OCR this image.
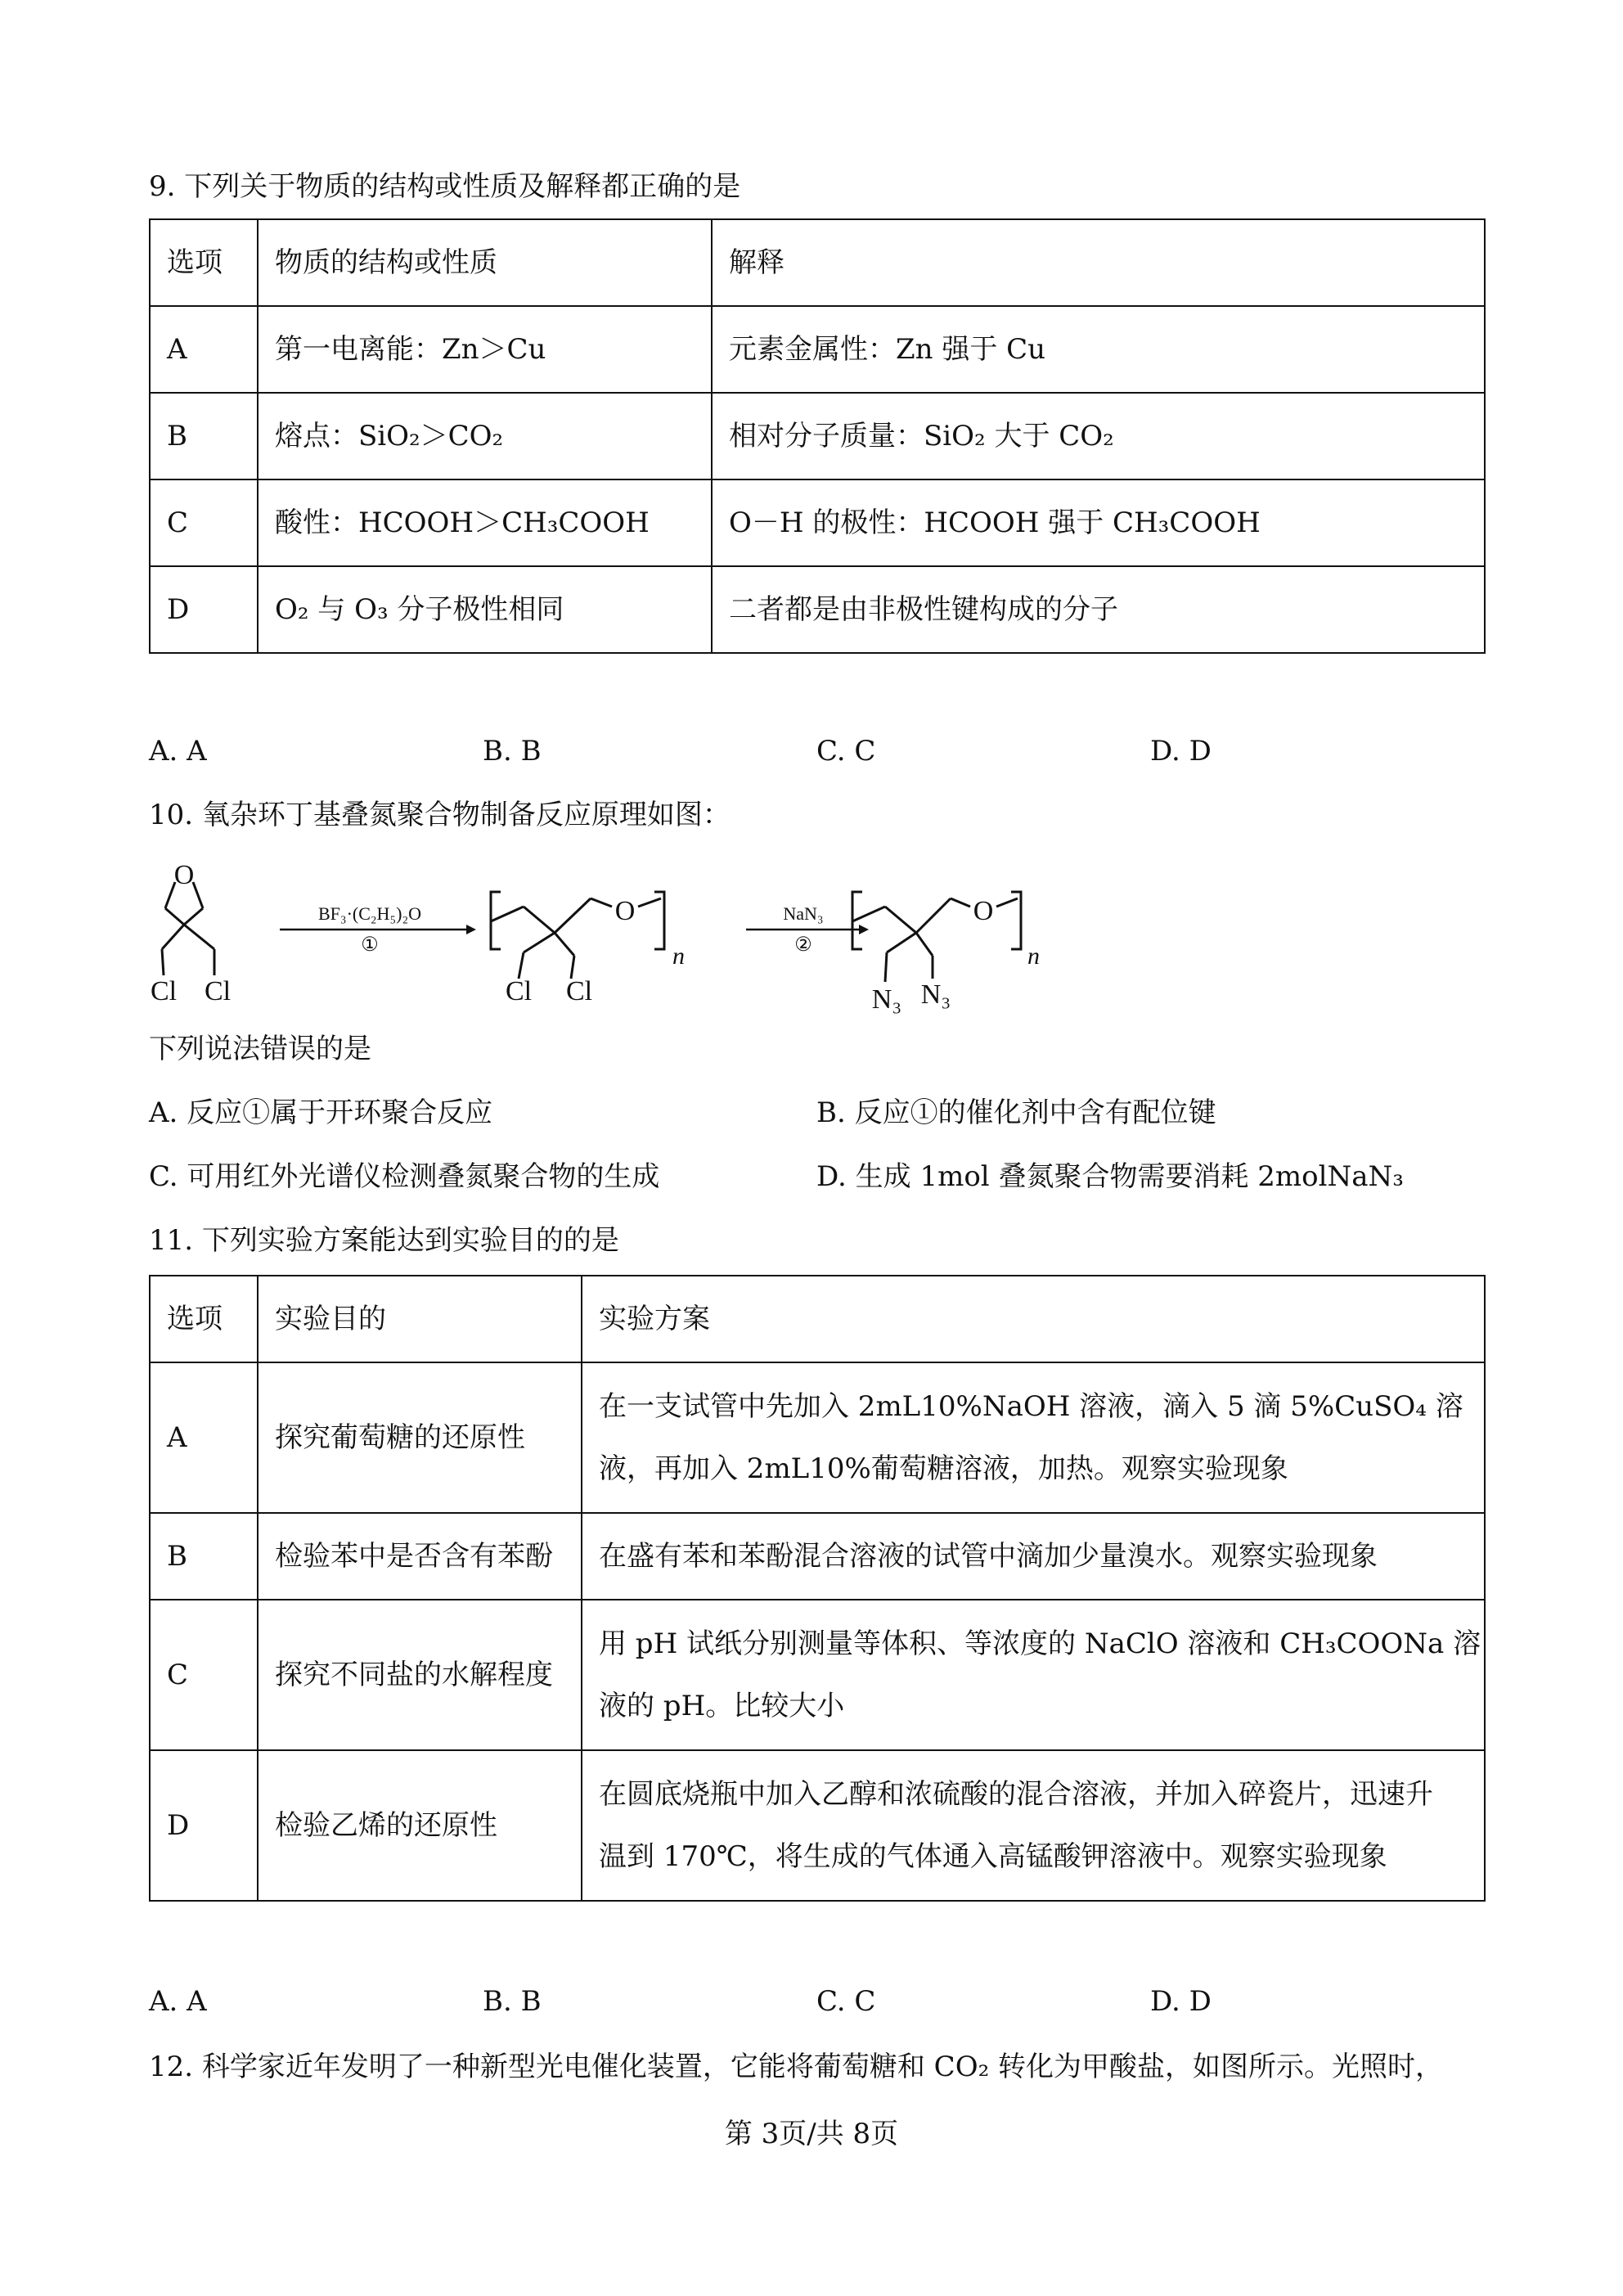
9. 下列关于物质的结构或性质及解释都正确的是
选项	物质的结构或性质	解释
A	第一电离能：Zn＞Cu	元素金属性：Zn 强于 Cu
B	熔点：SiO₂＞CO₂	相对分子质量：SiO₂ 大于 CO₂
C	酸性：HCOOH＞CH₃COOH	O－H 的极性：HCOOH 强于 CH₃COOH
D	O₂ 与 O₃ 分子极性相同	二者都是由非极性键构成的分子
A. A	B. B	C. C	D. D
10. 氧杂环丁基叠氮聚合物制备反应原理如图：
O
Cl Cl
BF₃·(C₂H₅)₂O
①
O
n
Cl Cl
NaN₃
②
O
n
N₃ N₃
下列说法错误的是
A. 反应①属于开环聚合反应	B. 反应①的催化剂中含有配位键
C. 可用红外光谱仪检测叠氮聚合物的生成	D. 生成 1mol 叠氮聚合物需要消耗 2molNaN₃
11. 下列实验方案能达到实验目的的是
选项	实验目的	实验方案
A	探究葡萄糖的还原性	在一支试管中先加入 2mL10%NaOH 溶液，滴入 5 滴 5%CuSO₄ 溶
液，再加入 2mL10%葡萄糖溶液，加热。观察实验现象

B	检验苯中是否含有苯酚	在盛有苯和苯酚混合溶液的试管中滴加少量溴水。观察实验现象
C	探究不同盐的水解程度	用 pH 试纸分别测量等体积、等浓度的 NaClO 溶液和 CH₃COONa 溶
液的 pH。比较大小

D	检验乙烯的还原性	在圆底烧瓶中加入乙醇和浓硫酸的混合溶液，并加入碎瓷片，迅速升
温到 170℃，将生成的气体通入高锰酸钾溶液中。观察实验现象
A. A	B. B	C. C	D. D
12. 科学家近年发明了一种新型光电催化装置，它能将葡萄糖和 CO₂ 转化为甲酸盐，如图所示。光照时，
第 3页/共 8页
